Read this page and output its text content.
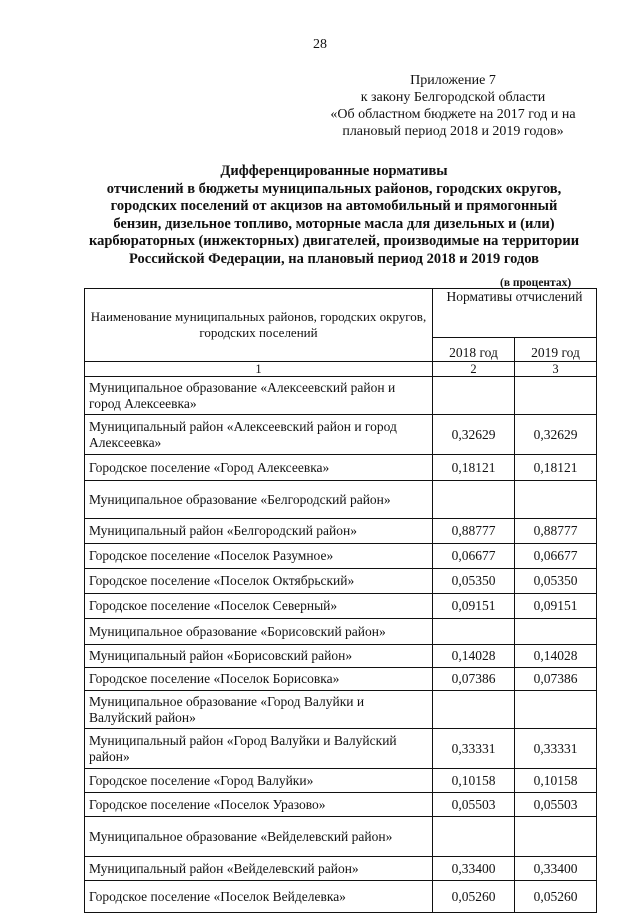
28
Приложение 7
к закону Белгородской области
«Об областном бюджете на 2017 год и на
плановый период 2018 и 2019 годов»
Дифференцированные нормативы
отчислений в бюджеты муниципальных районов, городских округов,
городских поселений от акцизов на автомобильный и прямогонный
бензин, дизельное топливо, моторные масла для дизельных и (или)
карбюраторных (инжекторных) двигателей, производимые на территории
Российской Федерации, на плановый период 2018 и 2019 годов
(в процентах)
Наименование муниципальных районов, городских округов, городских поселений	Нормативы отчислений	
	2018 год	2019 год
1	2	3
Муниципальное образование «Алексеевский район и город Алексеевка»		
Муниципальный район «Алексеевский район и город Алексеевка»	0,32629	0,32629
Городское поселение «Город Алексеевка»	0,18121	0,18121
Муниципальное образование «Белгородский район»		
Муниципальный район «Белгородский район»	0,88777	0,88777
Городское поселение «Поселок Разумное»	0,06677	0,06677
Городское поселение «Поселок Октябрьский»	0,05350	0,05350
Городское поселение «Поселок Северный»	0,09151	0,09151
Муниципальное образование «Борисовский район»		
Муниципальный район «Борисовский район»	0,14028	0,14028
Городское поселение «Поселок Борисовка»	0,07386	0,07386
Муниципальное образование «Город Валуйки и Валуйский район»		
Муниципальный район «Город Валуйки и Валуйский район»	0,33331	0,33331
Городское поселение «Город Валуйки»	0,10158	0,10158
Городское поселение «Поселок Уразово»	0,05503	0,05503
Муниципальное образование «Вейделевский район»		
Муниципальный район «Вейделевский район»	0,33400	0,33400
Городское поселение «Поселок Вейделевка»	0,05260	0,05260
